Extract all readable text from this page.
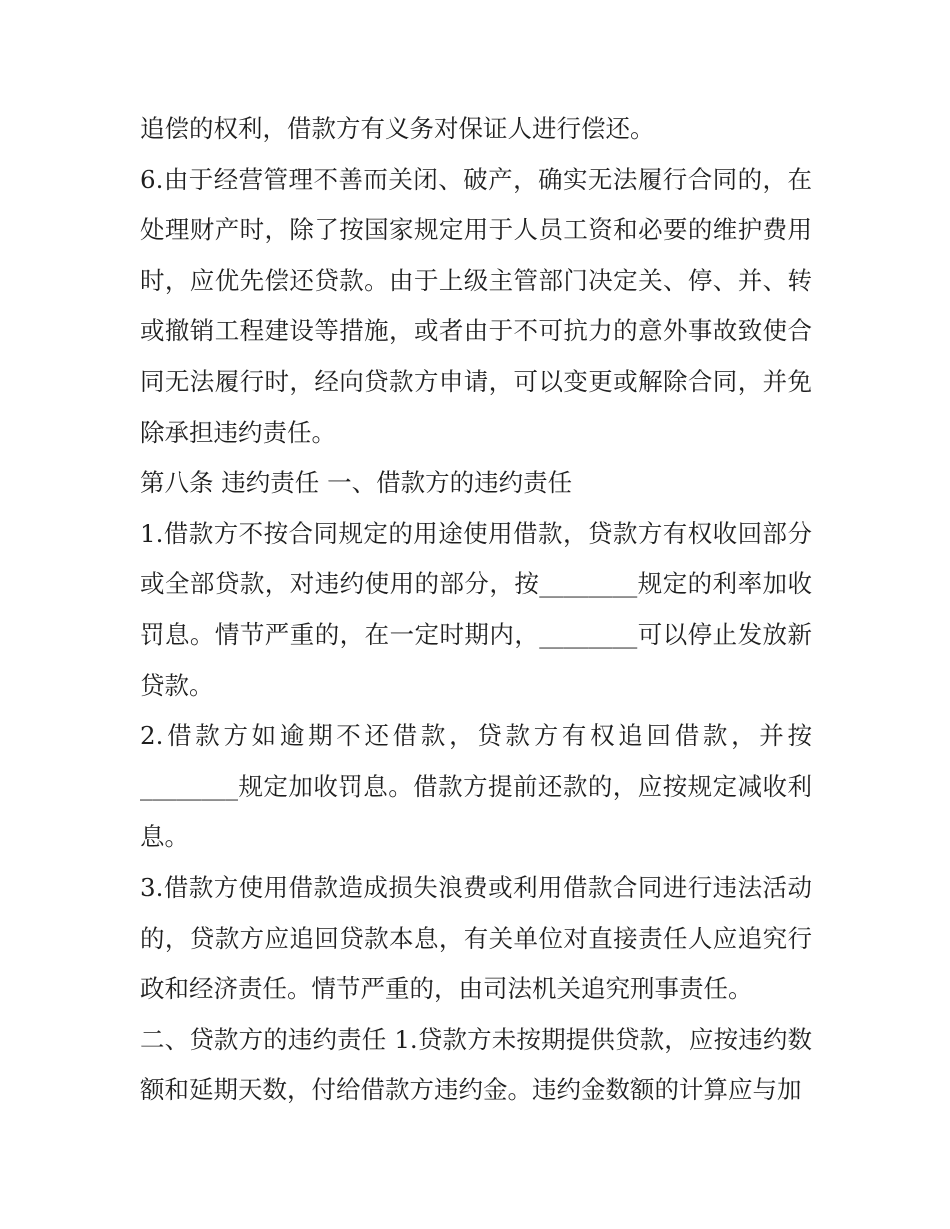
追偿的权利，借款方有义务对保证人进行偿还。

6.由于经营管理不善而关闭、破产，确实无法履行合同的，在处理财产时，除了按国家规定用于人员工资和必要的维护费用时，应优先偿还贷款。由于上级主管部门决定关、停、并、转或撤销工程建设等措施，或者由于不可抗力的意外事故致使合同无法履行时，经向贷款方申请，可以变更或解除合同，并免除承担违约责任。

第八条 违约责任 一、借款方的违约责任

1.借款方不按合同规定的用途使用借款，贷款方有权收回部分或全部贷款，对违约使用的部分，按________规定的利率加收罚息。情节严重的，在一定时期内，________可以停止发放新贷款。

2.借款方如逾期不还借款，贷款方有权追回借款，并按________规定加收罚息。借款方提前还款的，应按规定减收利息。

3.借款方使用借款造成损失浪费或利用借款合同进行违法活动的，贷款方应追回贷款本息，有关单位对直接责任人应追究行政和经济责任。情节严重的，由司法机关追究刑事责任。

二、贷款方的违约责任 1.贷款方未按期提供贷款，应按违约数额和延期天数，付给借款方违约金。违约金数额的计算应与加
